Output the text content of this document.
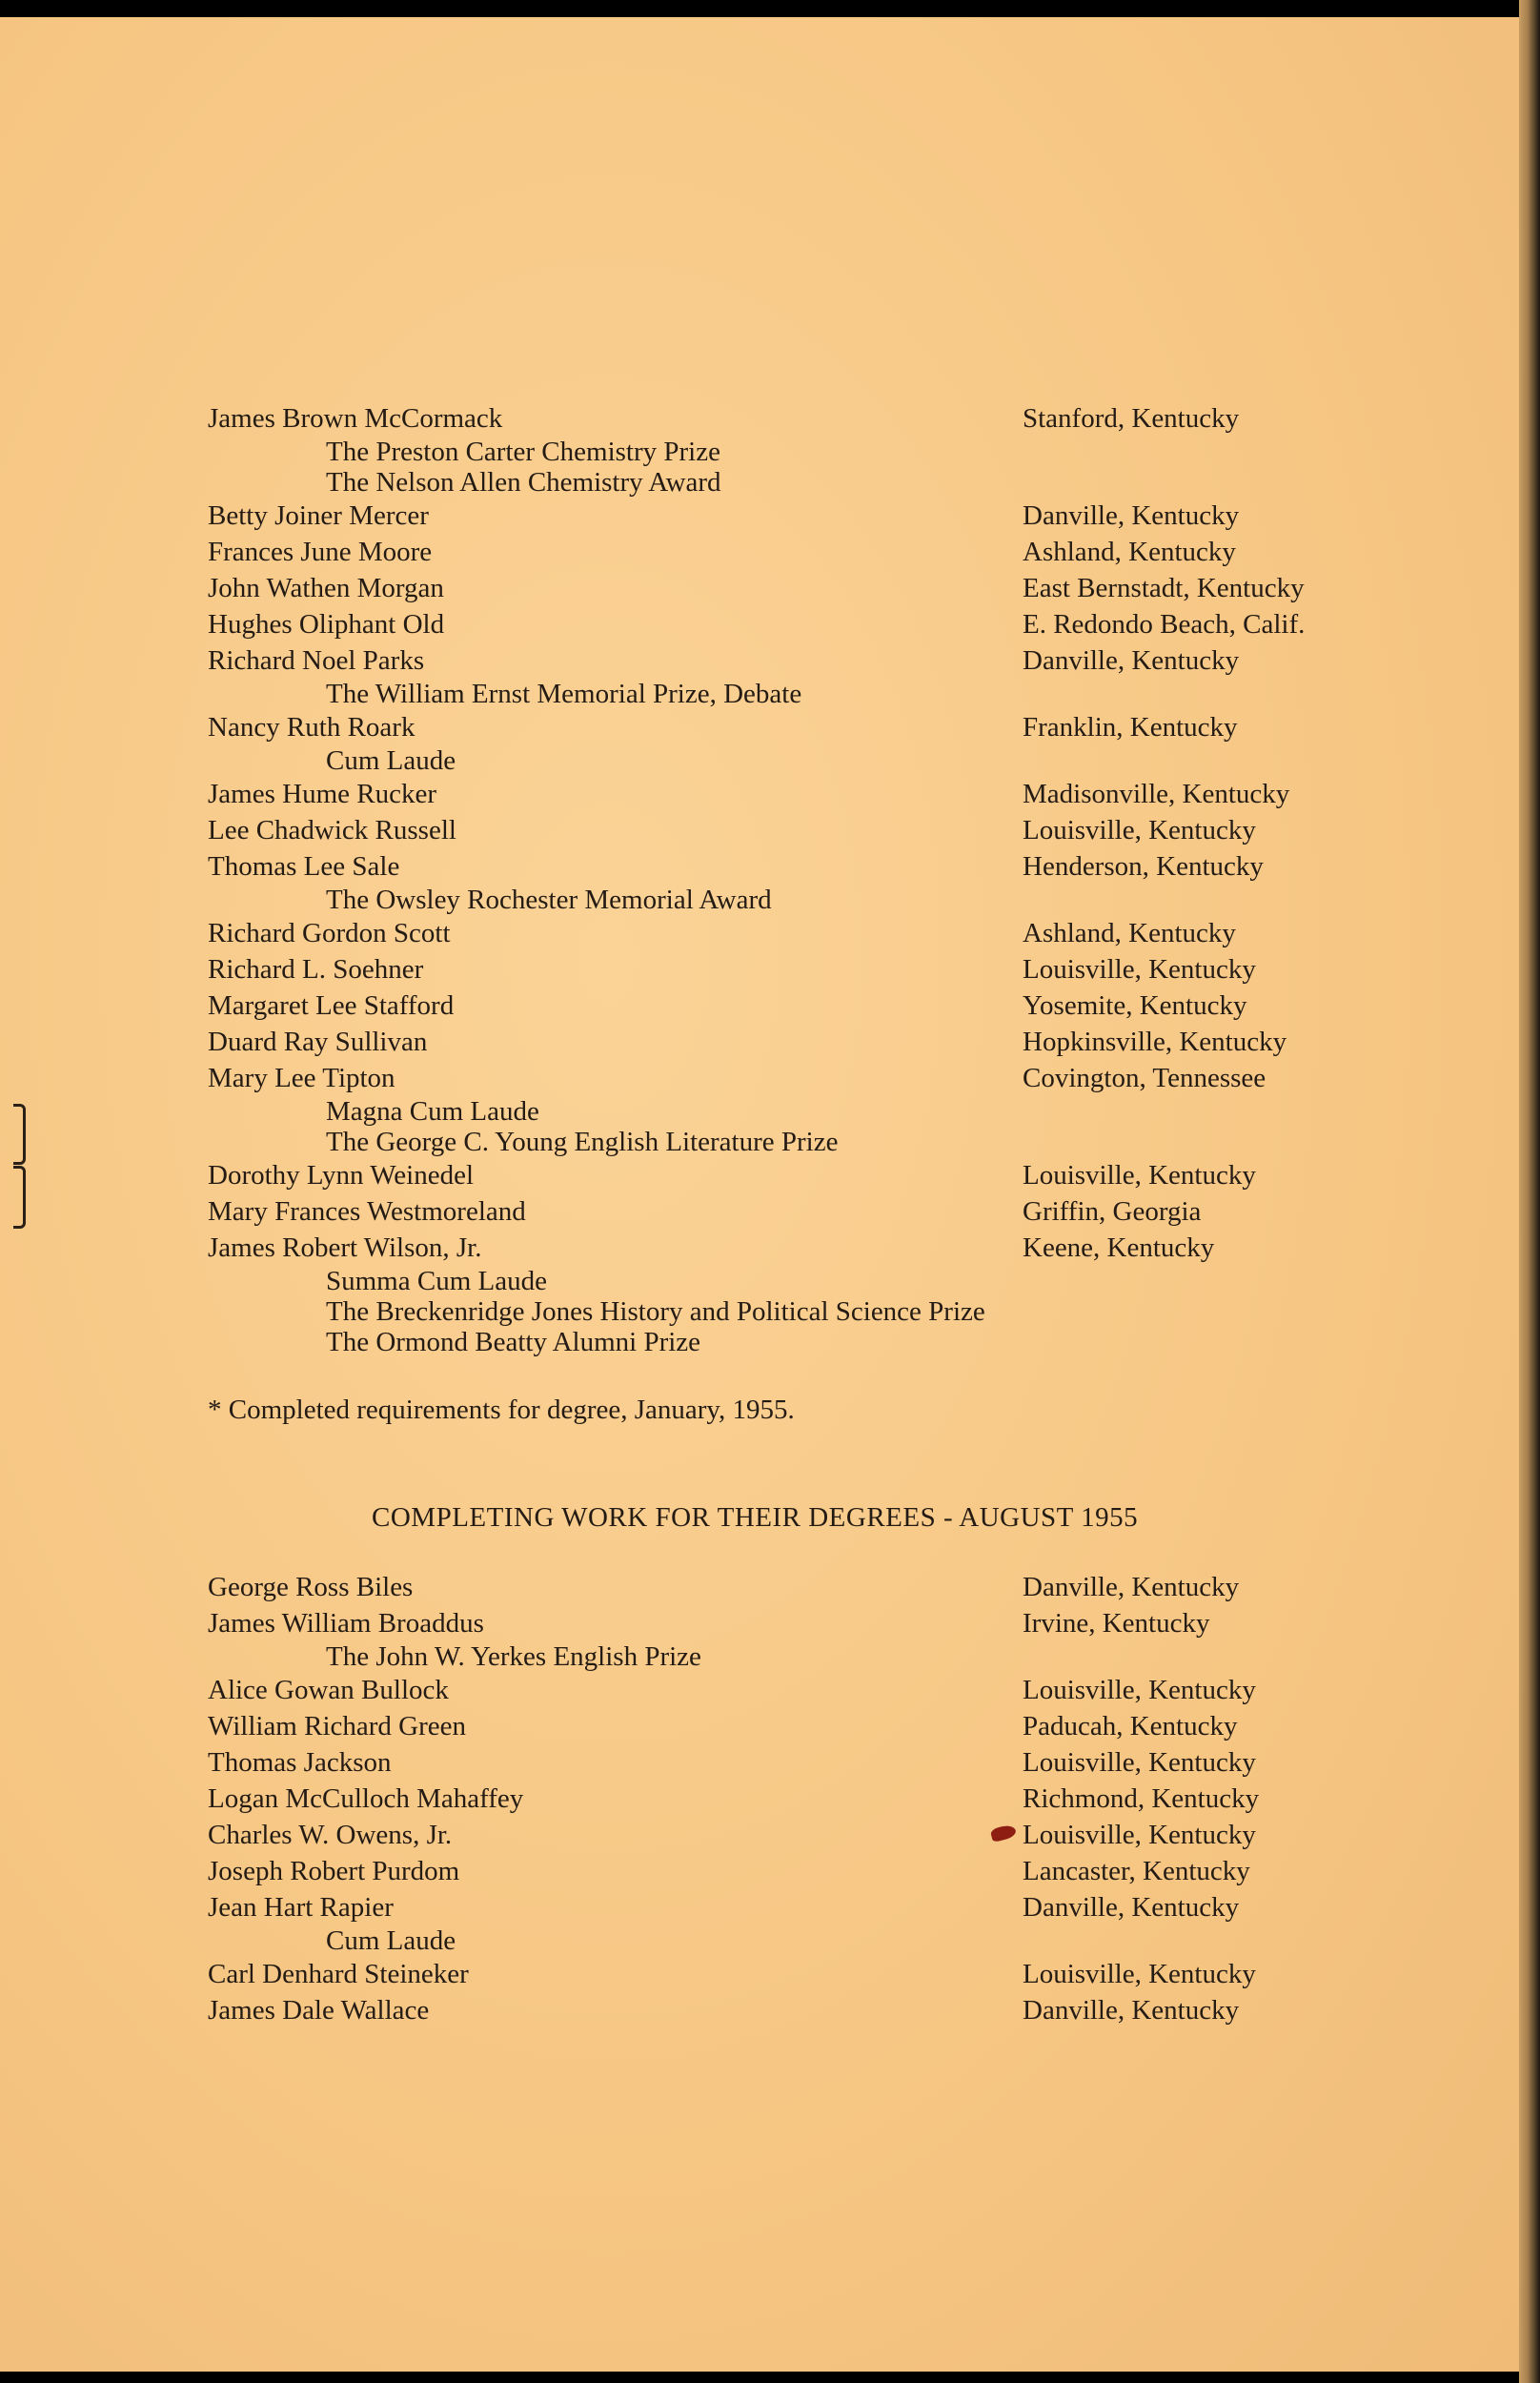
James Brown McCormack	Stanford, Kentucky
The Preston Carter Chemistry Prize
The Nelson Allen Chemistry Award
Betty Joiner Mercer	Danville, Kentucky
Frances June Moore	Ashland, Kentucky
John Wathen Morgan	East Bernstadt, Kentucky
Hughes Oliphant Old	E. Redondo Beach, Calif.
Richard Noel Parks	Danville, Kentucky
The William Ernst Memorial Prize, Debate
Nancy Ruth Roark	Franklin, Kentucky
Cum Laude
James Hume Rucker	Madisonville, Kentucky
Lee Chadwick Russell	Louisville, Kentucky
Thomas Lee Sale	Henderson, Kentucky
The Owsley Rochester Memorial Award
Richard Gordon Scott	Ashland, Kentucky
Richard L. Soehner	Louisville, Kentucky
Margaret Lee Stafford	Yosemite, Kentucky
Duard Ray Sullivan	Hopkinsville, Kentucky
Mary Lee Tipton	Covington, Tennessee
Magna Cum Laude
The George C. Young English Literature Prize
Dorothy Lynn Weinedel	Louisville, Kentucky
Mary Frances Westmoreland	Griffin, Georgia
James Robert Wilson, Jr.	Keene, Kentucky
Summa Cum Laude
The Breckenridge Jones History and Political Science Prize
The Ormond Beatty Alumni Prize
* Completed requirements for degree, January, 1955.
COMPLETING WORK FOR THEIR DEGREES - AUGUST 1955
George Ross Biles	Danville, Kentucky
James William Broaddus	Irvine, Kentucky
The John W. Yerkes English Prize
Alice Gowan Bullock	Louisville, Kentucky
William Richard Green	Paducah, Kentucky
Thomas Jackson	Louisville, Kentucky
Logan McCulloch Mahaffey	Richmond, Kentucky
Charles W. Owens, Jr.	Louisville, Kentucky
Joseph Robert Purdom	Lancaster, Kentucky
Jean Hart Rapier	Danville, Kentucky
Cum Laude
Carl Denhard Steineker	Louisville, Kentucky
James Dale Wallace	Danville, Kentucky
